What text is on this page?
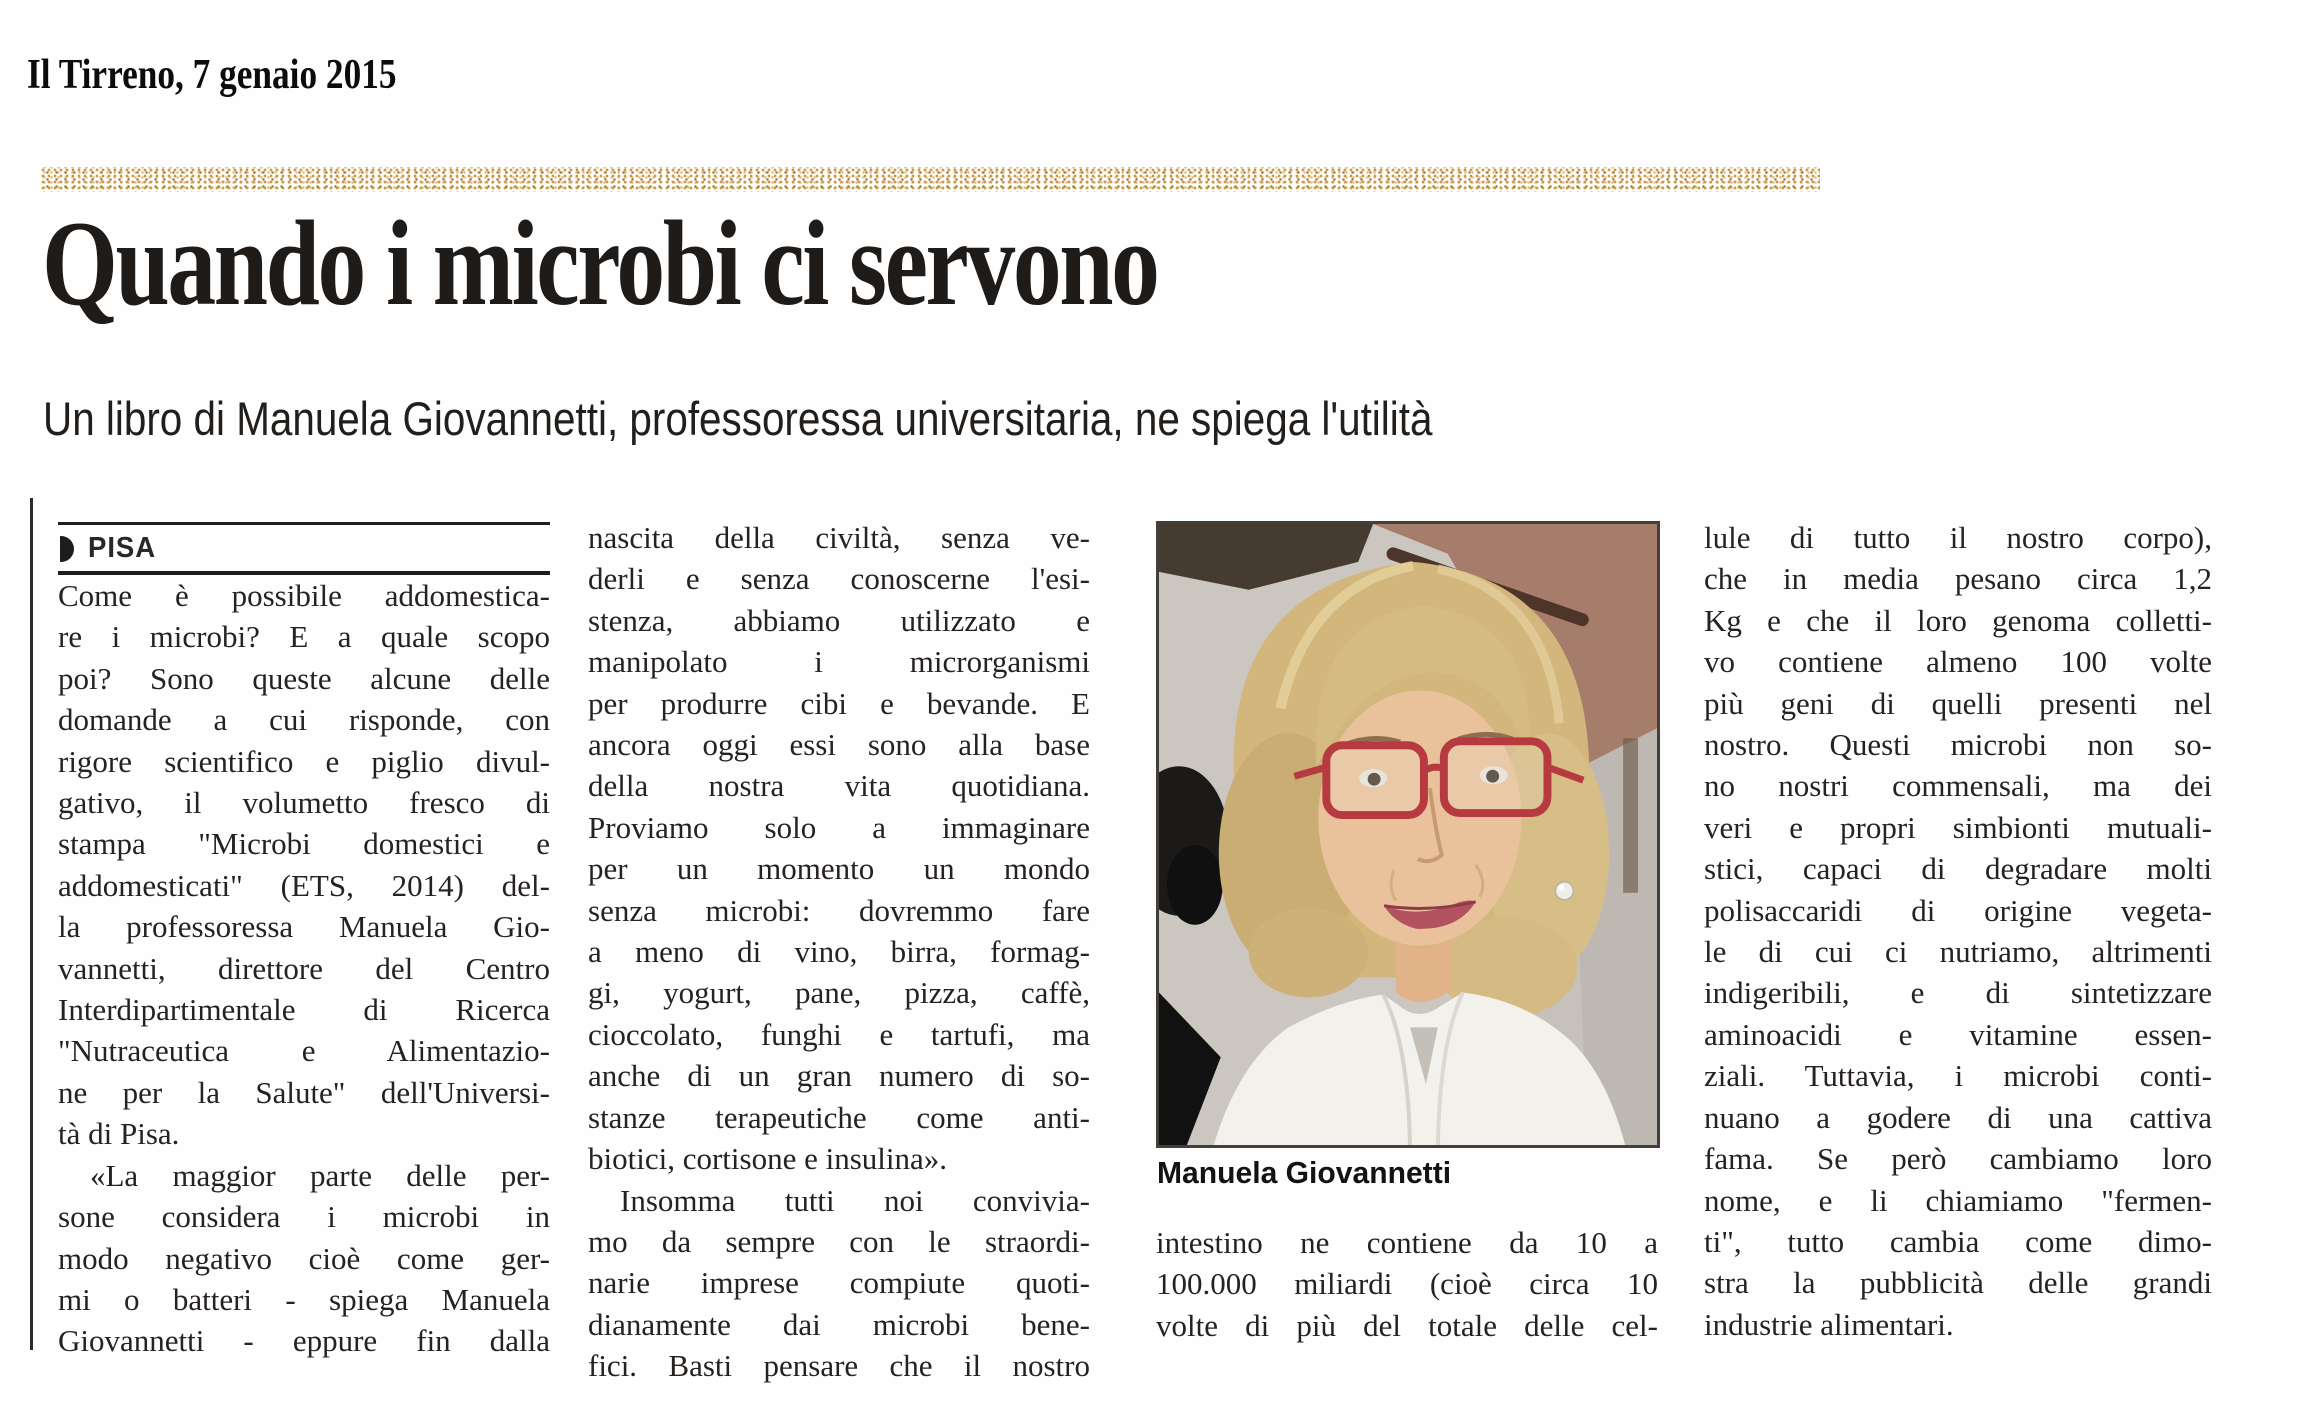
Il Tirreno, 7 genaio 2015
Quando i microbi ci servono
Un libro di Manuela Giovannetti, professoressa universitaria, ne spiega l'utilità
PISA
Come è possibile addomestica-
re i microbi? E a quale scopo
poi? Sono queste alcune delle
domande a cui risponde, con
rigore scientifico e piglio divul-
gativo, il volumetto fresco di
stampa "Microbi domestici e
addomesticati" (ETS, 2014) del-
la professoressa Manuela Gio-
vannetti, direttore del Centro
Interdipartimentale di Ricerca
"Nutraceutica e Alimentazio-
ne per la Salute" dell'Universi-
tà di Pisa.
«La maggior parte delle per-
sone considera i microbi in
modo negativo cioè come ger-
mi o batteri - spiega Manuela
Giovannetti - eppure fin dalla
nascita della civiltà, senza ve-
derli e senza conoscerne l'esi-
stenza, abbiamo utilizzato e
manipolato i microrganismi
per produrre cibi e bevande. E
ancora oggi essi sono alla base
della nostra vita quotidiana.
Proviamo solo a immaginare
per un momento un mondo
senza microbi: dovremmo fare
a meno di vino, birra, formag-
gi, yogurt, pane, pizza, caffè,
cioccolato, funghi e tartufi, ma
anche di un gran numero di so-
stanze terapeutiche come anti-
biotici, cortisone e insulina».
Insomma tutti noi convivia-
mo da sempre con le straordi-
narie imprese compiute quoti-
dianamente dai microbi bene-
fici. Basti pensare che il nostro
Manuela Giovannetti
intestino ne contiene da 10 a
100.000 miliardi (cioè circa 10
volte di più del totale delle cel-
lule di tutto il nostro corpo),
che in media pesano circa 1,2
Kg e che il loro genoma colletti-
vo contiene almeno 100 volte
più geni di quelli presenti nel
nostro. Questi microbi non so-
no nostri commensali, ma dei
veri e propri simbionti mutuali-
stici, capaci di degradare molti
polisaccaridi di origine vegeta-
le di cui ci nutriamo, altrimenti
indigeribili, e di sintetizzare
aminoacidi e vitamine essen-
ziali. Tuttavia, i microbi conti-
nuano a godere di una cattiva
fama. Se però cambiamo loro
nome, e li chiamiamo "fermen-
ti", tutto cambia come dimo-
stra la pubblicità delle grandi
industrie alimentari.
